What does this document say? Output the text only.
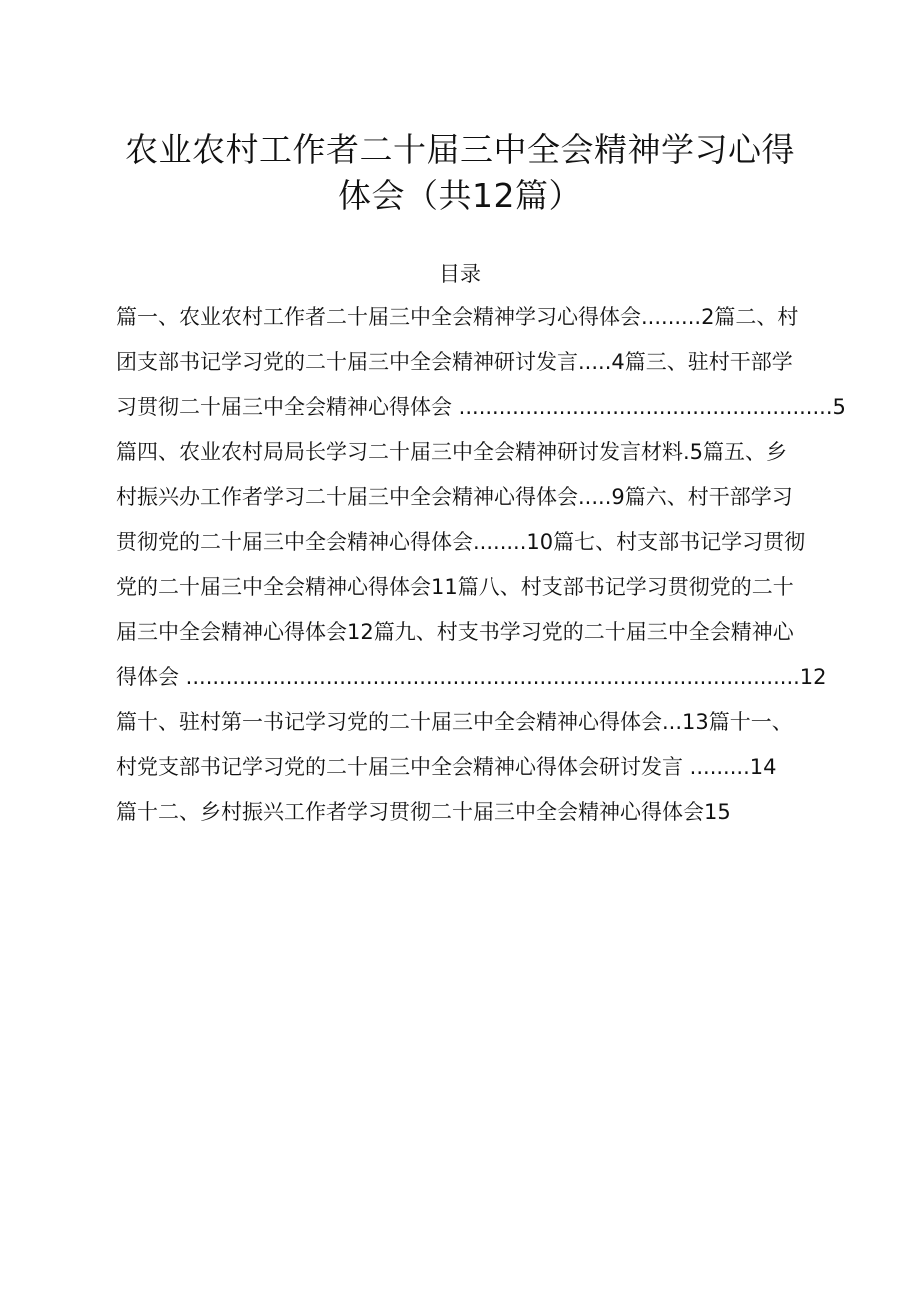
农业农村工作者二十届三中全会精神学习心得
体会（共12篇）
目录
篇一、农业农村工作者二十届三中全会精神学习心得体会.........2篇二、村
团支部书记学习党的二十届三中全会精神研讨发言.....4篇三、驻村干部学
习贯彻二十届三中全会精神心得体会 ........................................................5
篇四、农业农村局局长学习二十届三中全会精神研讨发言材料.5篇五、乡
村振兴办工作者学习二十届三中全会精神心得体会.....9篇六、村干部学习
贯彻党的二十届三中全会精神心得体会........10篇七、村支部书记学习贯彻
党的二十届三中全会精神心得体会11篇八、村支部书记学习贯彻党的二十
届三中全会精神心得体会12篇九、村支书学习党的二十届三中全会精神心
得体会 ............................................................................................12
篇十、驻村第一书记学习党的二十届三中全会精神心得体会...13篇十一、
村党支部书记学习党的二十届三中全会精神心得体会研讨发言 .........14
篇十二、乡村振兴工作者学习贯彻二十届三中全会精神心得体会15
